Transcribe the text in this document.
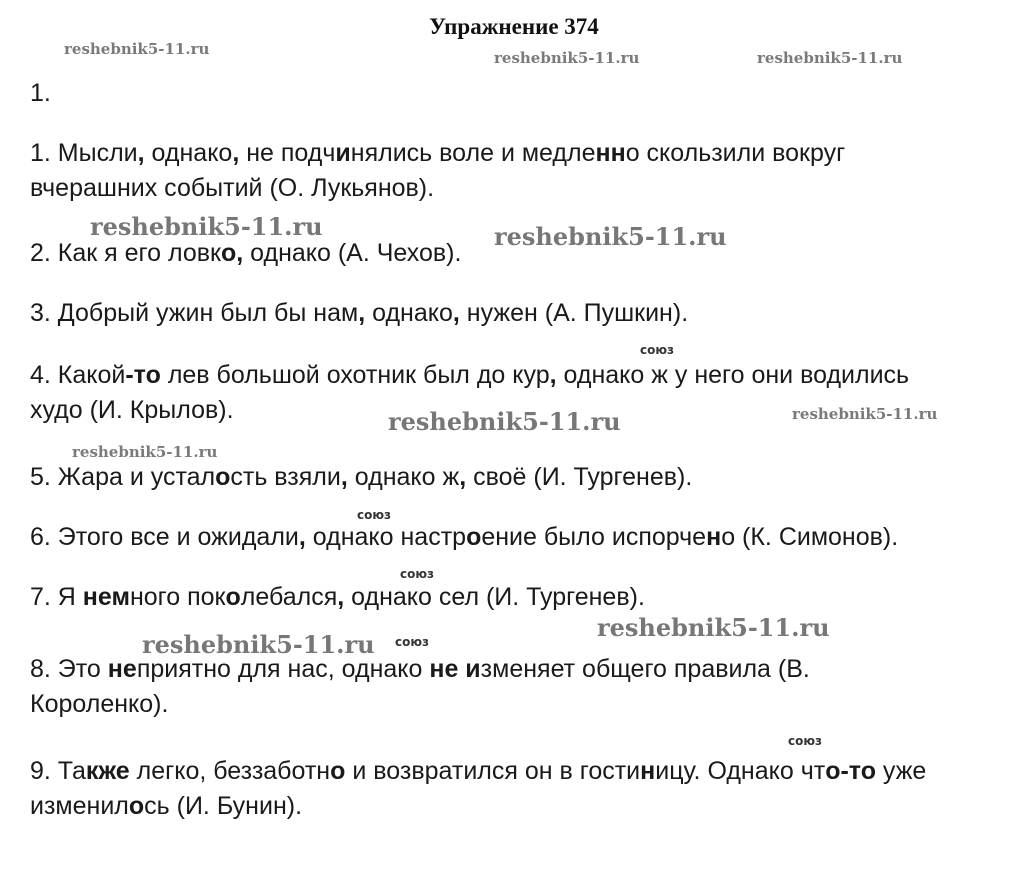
Упражнение 374
reshebnik5-11.ru	reshebnik5-11.ru	reshebnik5-11.ru
reshebnik5-11.ru	reshebnik5-11.ru
reshebnik5-11.ru	reshebnik5-11.ru
reshebnik5-11.ru
reshebnik5-11.ru
reshebnik5-11.ru
союз
союз
союз
союз
союз
1.
1. Мысли, однако, не подчинялись воле и медленно скользили вокруг
вчерашних событий (О. Лукьянов).
2. Как я его ловко, однако (А. Чехов).
3. Добрый ужин был бы нам, однако, нужен (А. Пушкин).
4. Какой-то лев большой охотник был до кур, однако ж у него они водились
худо (И. Крылов).
5. Жара и усталость взяли, однако ж, своё (И. Тургенев).
6. Этого все и ожидали, однако настроение было испорчено (К. Симонов).
7. Я немного поколебался, однако сел (И. Тургенев).
8. Это неприятно для нас, однако не изменяет общего правила (В.
Короленко).
9. Также легко, беззаботно и возвратился он в гостиницу. Однако что-то уже
изменилось (И. Бунин).
